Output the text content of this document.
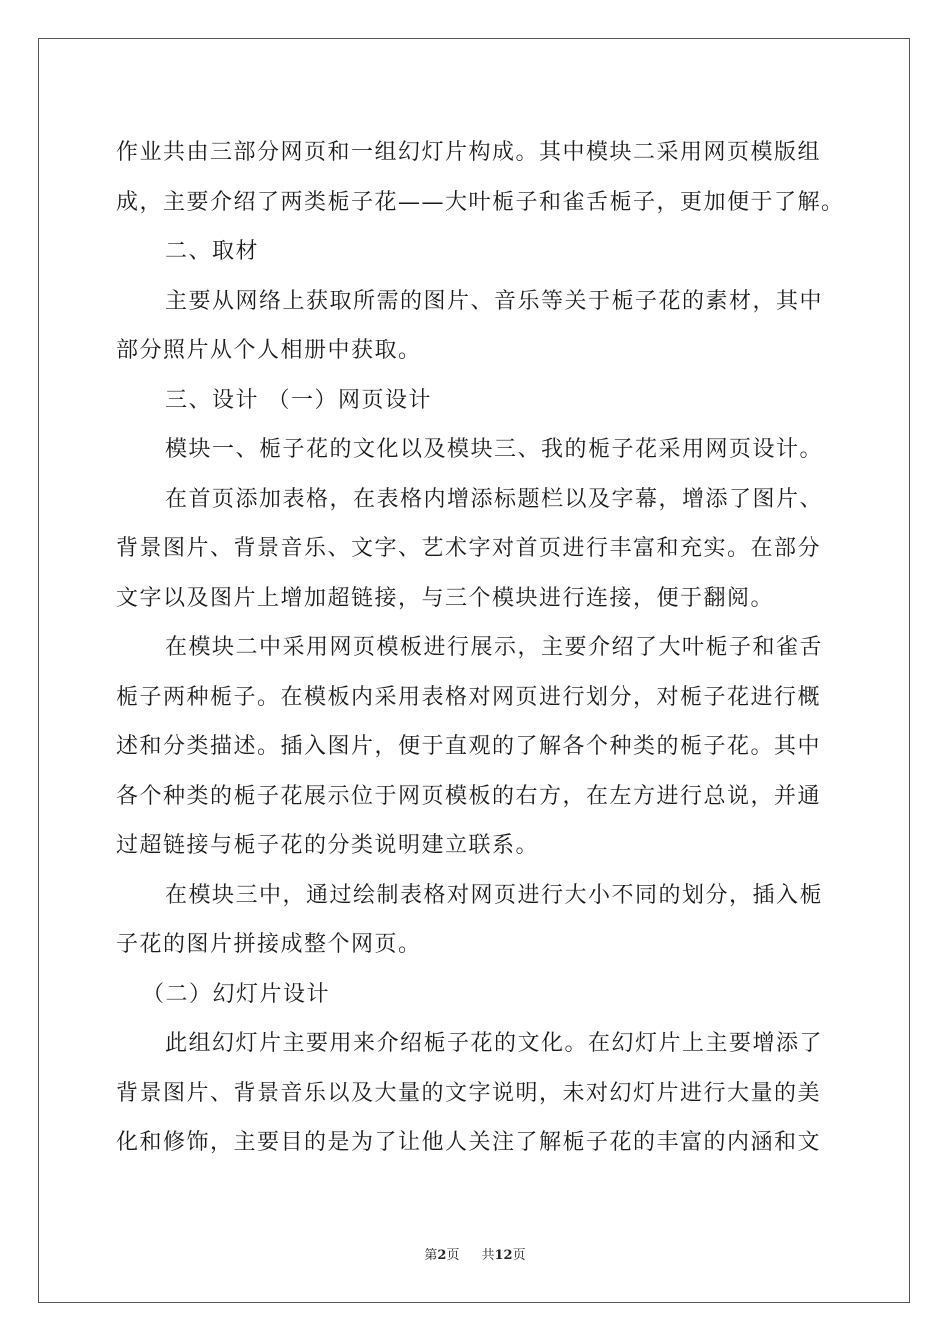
作业共由三部分网页和一组幻灯片构成。其中模块二采用网页模版组
成，主要介绍了两类栀子花——大叶栀子和雀舌栀子，更加便于了解。
二、取材
主要从网络上获取所需的图片、音乐等关于栀子花的素材，其中
部分照片从个人相册中获取。
三、设计 （一）网页设计
模块一、栀子花的文化以及模块三、我的栀子花采用网页设计。
在首页添加表格，在表格内增添标题栏以及字幕，增添了图片、
背景图片、背景音乐、文字、艺术字对首页进行丰富和充实。在部分
文字以及图片上增加超链接，与三个模块进行连接，便于翻阅。
在模块二中采用网页模板进行展示，主要介绍了大叶栀子和雀舌
栀子两种栀子。在模板内采用表格对网页进行划分，对栀子花进行概
述和分类描述。插入图片，便于直观的了解各个种类的栀子花。其中
各个种类的栀子花展示位于网页模板的右方，在左方进行总说，并通
过超链接与栀子花的分类说明建立联系。
在模块三中，通过绘制表格对网页进行大小不同的划分，插入栀
子花的图片拼接成整个网页。
（二）幻灯片设计
此组幻灯片主要用来介绍栀子花的文化。在幻灯片上主要增添了
背景图片、背景音乐以及大量的文字说明，未对幻灯片进行大量的美
化和修饰，主要目的是为了让他人关注了解栀子花的丰富的内涵和文
第2页 共12页
